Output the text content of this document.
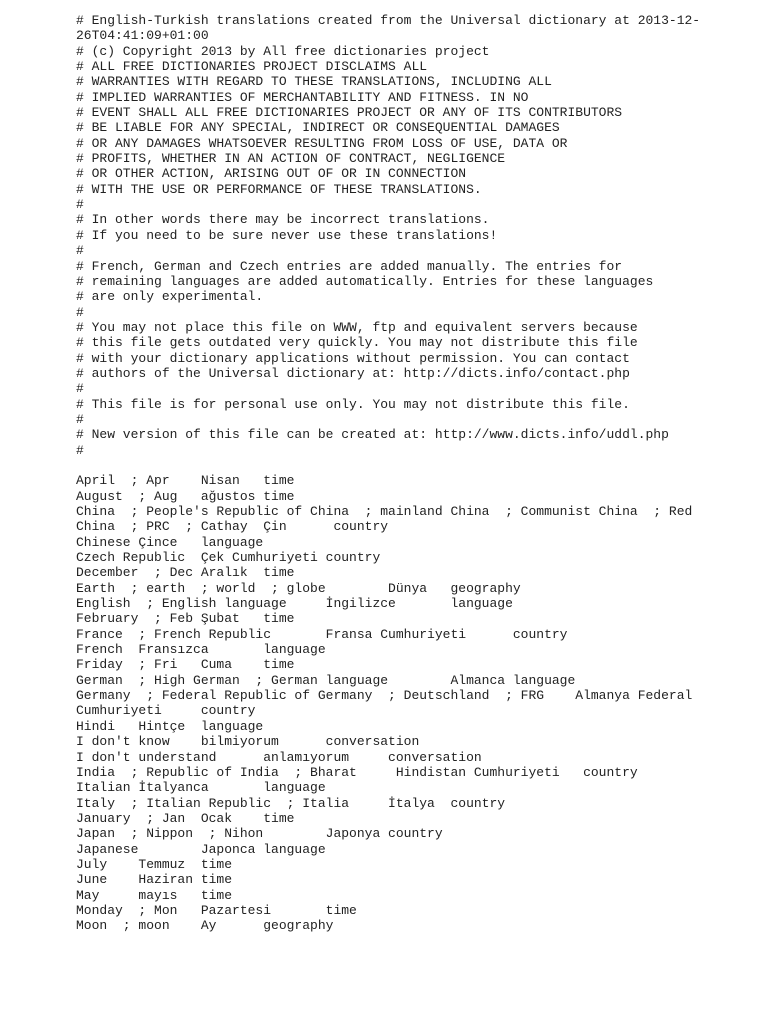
# English-Turkish translations created from the Universal dictionary at 2013-12-
26T04:41:09+01:00
# (c) Copyright 2013 by All free dictionaries project
# ALL FREE DICTIONARIES PROJECT DISCLAIMS ALL
# WARRANTIES WITH REGARD TO THESE TRANSLATIONS, INCLUDING ALL
# IMPLIED WARRANTIES OF MERCHANTABILITY AND FITNESS. IN NO
# EVENT SHALL ALL FREE DICTIONARIES PROJECT OR ANY OF ITS CONTRIBUTORS
# BE LIABLE FOR ANY SPECIAL, INDIRECT OR CONSEQUENTIAL DAMAGES
# OR ANY DAMAGES WHATSOEVER RESULTING FROM LOSS OF USE, DATA OR
# PROFITS, WHETHER IN AN ACTION OF CONTRACT, NEGLIGENCE
# OR OTHER ACTION, ARISING OUT OF OR IN CONNECTION
# WITH THE USE OR PERFORMANCE OF THESE TRANSLATIONS.
#
# In other words there may be incorrect translations.
# If you need to be sure never use these translations!
#
# French, German and Czech entries are added manually. The entries for
# remaining languages are added automatically. Entries for these languages
# are only experimental.
#
# You may not place this file on WWW, ftp and equivalent servers because
# this file gets outdated very quickly. You may not distribute this file
# with your dictionary applications without permission. You can contact
# authors of the Universal dictionary at: http://dicts.info/contact.php
#
# This file is for personal use only. You may not distribute this file.
#
# New version of this file can be created at: http://www.dicts.info/uddl.php
#
April  ; Apr    Nisan   time
August  ; Aug   ağustos time
China  ; People's Republic of China  ; mainland China  ; Communist China  ; Red
China  ; PRC  ; Cathay  Çin      country
Chinese Çince   language
Czech Republic  Çek Cumhuriyeti country
December  ; Dec Aralık  time
Earth  ; earth  ; world  ; globe        Dünya   geography
English  ; English language     İngilizce       language
February  ; Feb Şubat   time
France  ; French Republic       Fransa Cumhuriyeti      country
French  Fransızca       language
Friday  ; Fri   Cuma    time
German  ; High German  ; German language        Almanca language
Germany  ; Federal Republic of Germany  ; Deutschland  ; FRG    Almanya Federal
Cumhuriyeti     country
Hindi   Hintçe  language
I don't know    bilmiyorum      conversation
I don't understand      anlamıyorum     conversation
India  ; Republic of India  ; Bharat     Hindistan Cumhuriyeti   country
Italian İtalyanca       language
Italy  ; Italian Republic  ; Italia     İtalya  country
January  ; Jan  Ocak    time
Japan  ; Nippon  ; Nihon        Japonya country
Japanese        Japonca language
July    Temmuz  time
June    Haziran time
May     mayıs   time
Monday  ; Mon   Pazartesi       time
Moon  ; moon    Ay      geography
